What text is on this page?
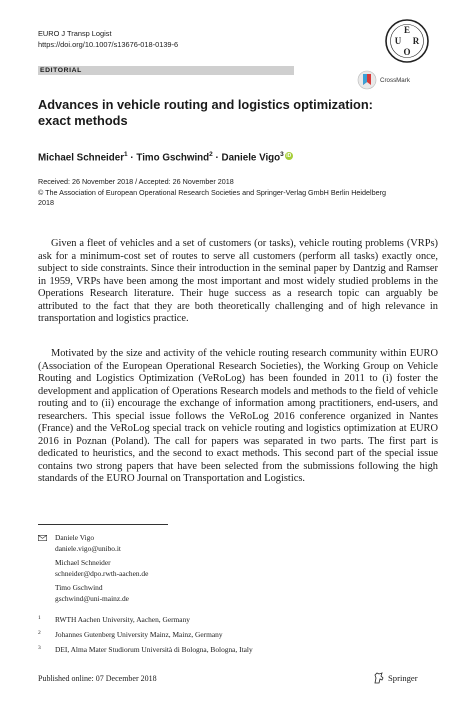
EURO J Transp Logist
https://doi.org/10.1007/s13676-018-0139-6
E
U R
O
EDITORIAL
CrossMark
Advances in vehicle routing and logistics optimization:
exact methods
Michael Schneider$^1$ · Timo Gschwind$^2$ · Daniele Vigo$^3$ iD
Received: 26 November 2018 / Accepted: 26 November 2018
© The Association of European Operational Research Societies and Springer-Verlag GmbH Berlin Heidelberg
2018
Given a fleet of vehicles and a set of customers (or tasks), vehicle routing problems (VRPs) ask for a minimum-cost set of routes to serve all customers (perform all tasks) exactly once, subject to side constraints. Since their introduction in the seminal paper by Dantzig and Ramser in 1959, VRPs have been among the most important and most widely studied problems in the Operations Research literature. Their huge success as a research topic can arguably be attributed to the fact that they are both theoretically challenging and of high relevance in transportation and logistics practice.
Motivated by the size and activity of the vehicle routing research community within EURO (Association of the European Operational Research Societies), the Working Group on Vehicle Routing and Logistics Optimization (VeRoLog) has been founded in 2011 to (i) foster the development and application of Operations Research models and methods to the field of vehicle routing and to (ii) encourage the exchange of information among practitioners, end-users, and researchers. This special issue follows the VeRoLog 2016 conference organized in Nantes (France) and the VeRoLog special track on vehicle routing and logistics optimization at EURO 2016 in Poznan (Poland). The call for papers was separated in two parts. The first part is dedicated to heuristics, and the second to exact methods. This second part of the special issue contains two strong papers that have been selected from the submissions following the high standards of the EURO Journal on Transportation and Logistics.
Daniele Vigo
daniele.vigo@unibo.it
Michael Schneider
schneider@dpo.rwth-aachen.de
Timo Gschwind
gschwind@uni-mainz.de
1 RWTH Aachen University, Aachen, Germany
2 Johannes Gutenberg University Mainz, Mainz, Germany
3 DEI, Alma Mater Studiorum Università di Bologna, Bologna, Italy
Published online: 07 December 2018	Springer
